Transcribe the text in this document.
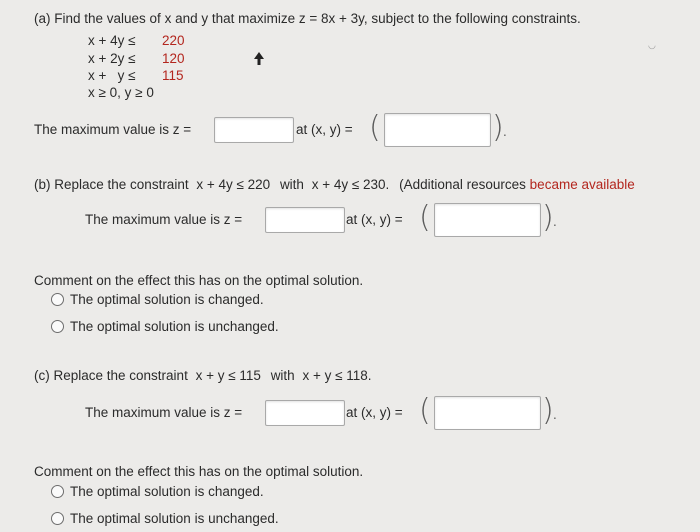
(a) Find the values of x and y that maximize z = 8x + 3y, subject to the following constraints.
x + 4y ≤ 220
x + 2y ≤ 120
x +   y ≤ 115
x ≥ 0, y ≥ 0
◡
The maximum value is z =	at (x, y) = (	) .
(b) Replace the constraint x + 4y ≤ 220 with x + 4y ≤ 230. (Additional resources became available
The maximum value is z =	at (x, y) = (	) .
Comment on the effect this has on the optimal solution.
The optimal solution is changed.
The optimal solution is unchanged.
(c) Replace the constraint x + y ≤ 115 with x + y ≤ 118.
The maximum value is z =	at (x, y) = (	) .
Comment on the effect this has on the optimal solution.
The optimal solution is changed.
The optimal solution is unchanged.
